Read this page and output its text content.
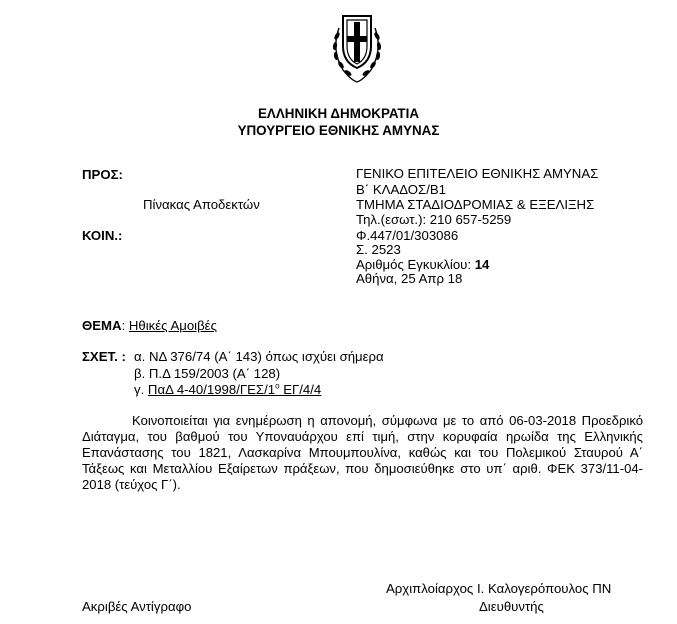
ΕΛΛΗΝΙΚΗ ΔΗΜΟΚΡΑΤΙΑ
ΥΠΟΥΡΓΕΙΟ ΕΘΝΙΚΗΣ ΑΜΥΝΑΣ
ΠΡΟΣ:
Πίνακας Αποδεκτών
ΚΟΙΝ.:
ΓΕΝΙΚΟ ΕΠΙΤΕΛΕΙΟ ΕΘΝΙΚΗΣ ΑΜΥΝΑΣ
Β΄ ΚΛΑΔΟΣ/Β1
ΤΜΗΜΑ ΣΤΑΔΙΟΔΡΟΜΙΑΣ & ΕΞΕΛΙΞΗΣ
Τηλ.(εσωτ.): 210 657-5259
Φ.447/01/303086
Σ. 2523
Αριθμός Εγκυκλίου: 14
Αθήνα, 25 Απρ 18
ΘΕΜΑ: Ηθικές Αμοιβές
ΣΧΕΤ. : α. ΝΔ 376/74 (Α΄ 143) όπως ισχύει σήμερα
β. Π.Δ 159/2003 (Α΄ 128)
γ. ΠαΔ $4-40/1998/\Gamma E\Sigma/1^o$ ΕΓ/4/4
Κοινοποιείται για ενημέρωση η απονομή, σύμφωνα με το από 06-03-2018 Προεδρικό Διάταγμα, του βαθμού του Υποναυάρχου επί τιμή, στην κορυφαία ηρωίδα της Ελληνικής Επανάστασης του 1821, Λασκαρίνα Μπουμπουλίνα, καθώς και του Πολεμικού Σταυρού Α΄ Τάξεως και Μεταλλίου Εξαίρετων πράξεων, που δημοσιεύθηκε στο υπ΄ αριθ. ΦΕΚ 373/11-04-2018 (τεύχος Γ΄).
Αρχιπλοίαρχος Ι. Καλογερόπουλος ΠΝ
Διευθυντής
Ακριβές Αντίγραφο
